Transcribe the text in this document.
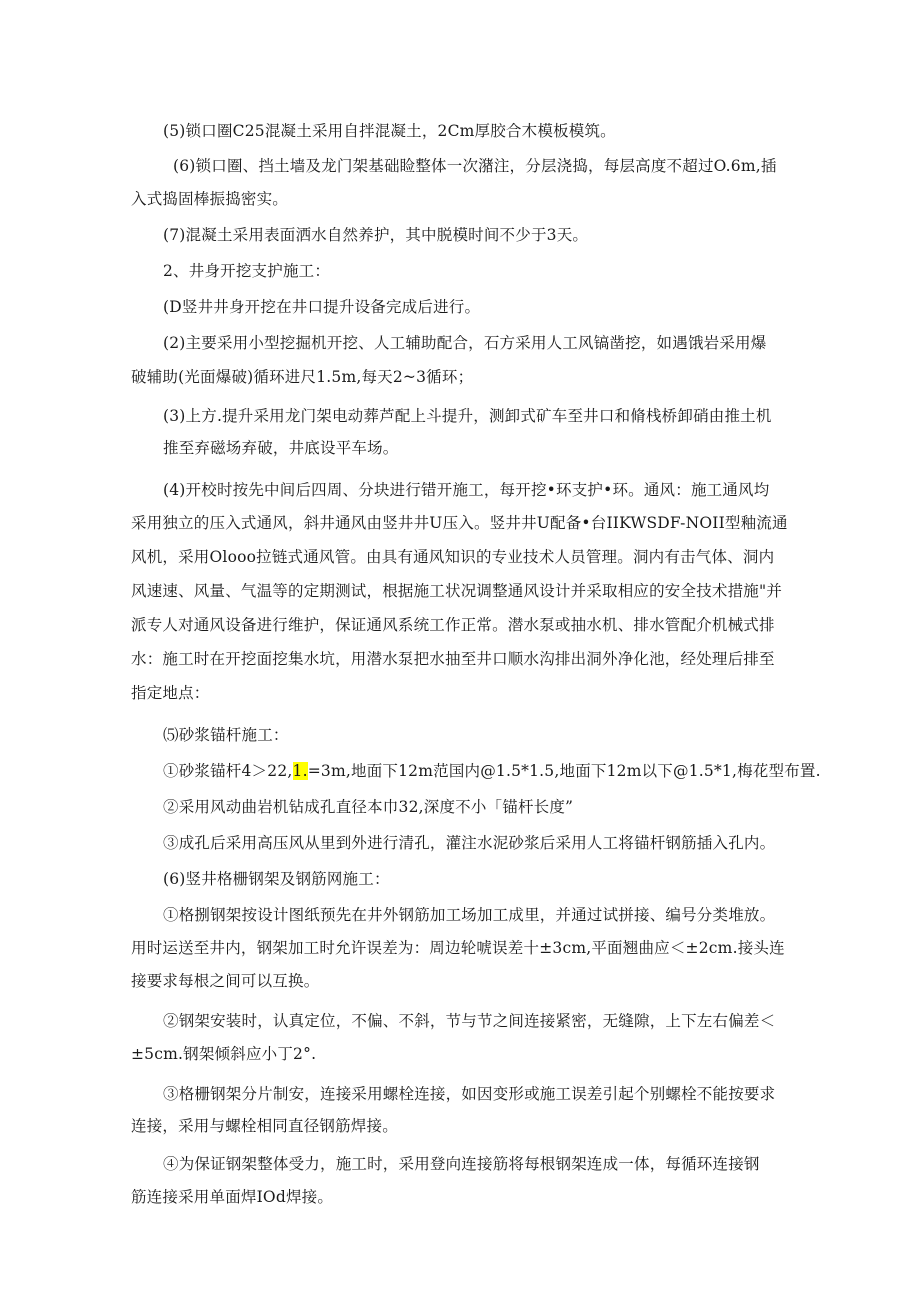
(5)锁口圈C25混凝土采用自拌混凝土，2Cm厚胶合木模板模筑。
(6)锁口圈、挡土墙及龙门架基础睑整体一次潴注，分层浇捣，每层高度不超过O.6m,插
入式捣固棒振捣密实。
(7)混凝土采用表面洒水自然养护，其中脱模时间不少于3天。
2、井身开挖支护施工：
(D竖井井身开挖在井口提升设备完成后进行。
(2)主要采用小型挖掘机开挖、人工辅助配合，石方采用人工风镐凿挖，如遇饿岩采用爆
破辅助(光面爆破)循环进尺1.5m,每天2~3循环；
(3)上方.提升采用龙门架电动葬芦配上斗提升，测卸式矿车至井口和脩栈桥卸硝由推土机
推至弃磁场弃破，井底设平车场。
(4)开校时按先中间后四周、分块进行错开施工，每开挖•环支护•环。通风：施工通风均
采用独立的压入式通风，斜井通风由竖井井U压入。竖井井U配备•台IIKWSDF-NOII型釉流通
风机，采用Olooo拉链式通风管。由具有通风知识的专业技术人员管理。洞内有击气体、洞内
风速速、风量、气温等的定期测试，根据施工状况调整通风设计并采取相应的安全技术措施"并
派专人对通风设备进行维护，保证通风系统工作正常。潜水泵或抽水机、排水管配介机械式排
水：施工时在开挖面挖集水坑，用潜水泵把水抽至井口顺水沟排出洞外净化池，经处理后排至
指定地点：
⑸砂浆锚杆施工：
①砂浆锚杆4＞22,1.=3m,地面下12m范国内@1.5*1.5,地面下12m以下@1.5*1,梅花型布置.
②采用风动曲岩机钻成孔直径本巾32,深度不小「锚杆长度”
③成孔后采用高压风从里到外进行清孔，灌注水泥砂浆后采用人工将锚杆钢筋插入孔内。
(6)竖井格栅钢架及钢筋网施工：
①格捌钢架按设计图纸预先在井外钢筋加工场加工成里，并通过试拼接、编号分类堆放。
用时运送至井内，钢架加工时允许误差为：周边轮唬误差十±3cm,平面翘曲应＜±2cm.接头连
接要求每根之间可以互换。
②钢架安装时，认真定位，不偏、不斜，节与节之间连接紧密，无缝隙，上下左右偏差＜
±5cm.钢架倾斜应小丁2°.
③格栅钢架分片制安，连接采用螺栓连接，如因变形或施工误差引起个别螺栓不能按要求
连接，采用与螺栓相同直径钢筋焊接。
④为保证钢架整体受力，施工时，采用登向连接筋将每根钢架连成一体，每循环连接钢
筋连接采用单面焊IOd焊接。
